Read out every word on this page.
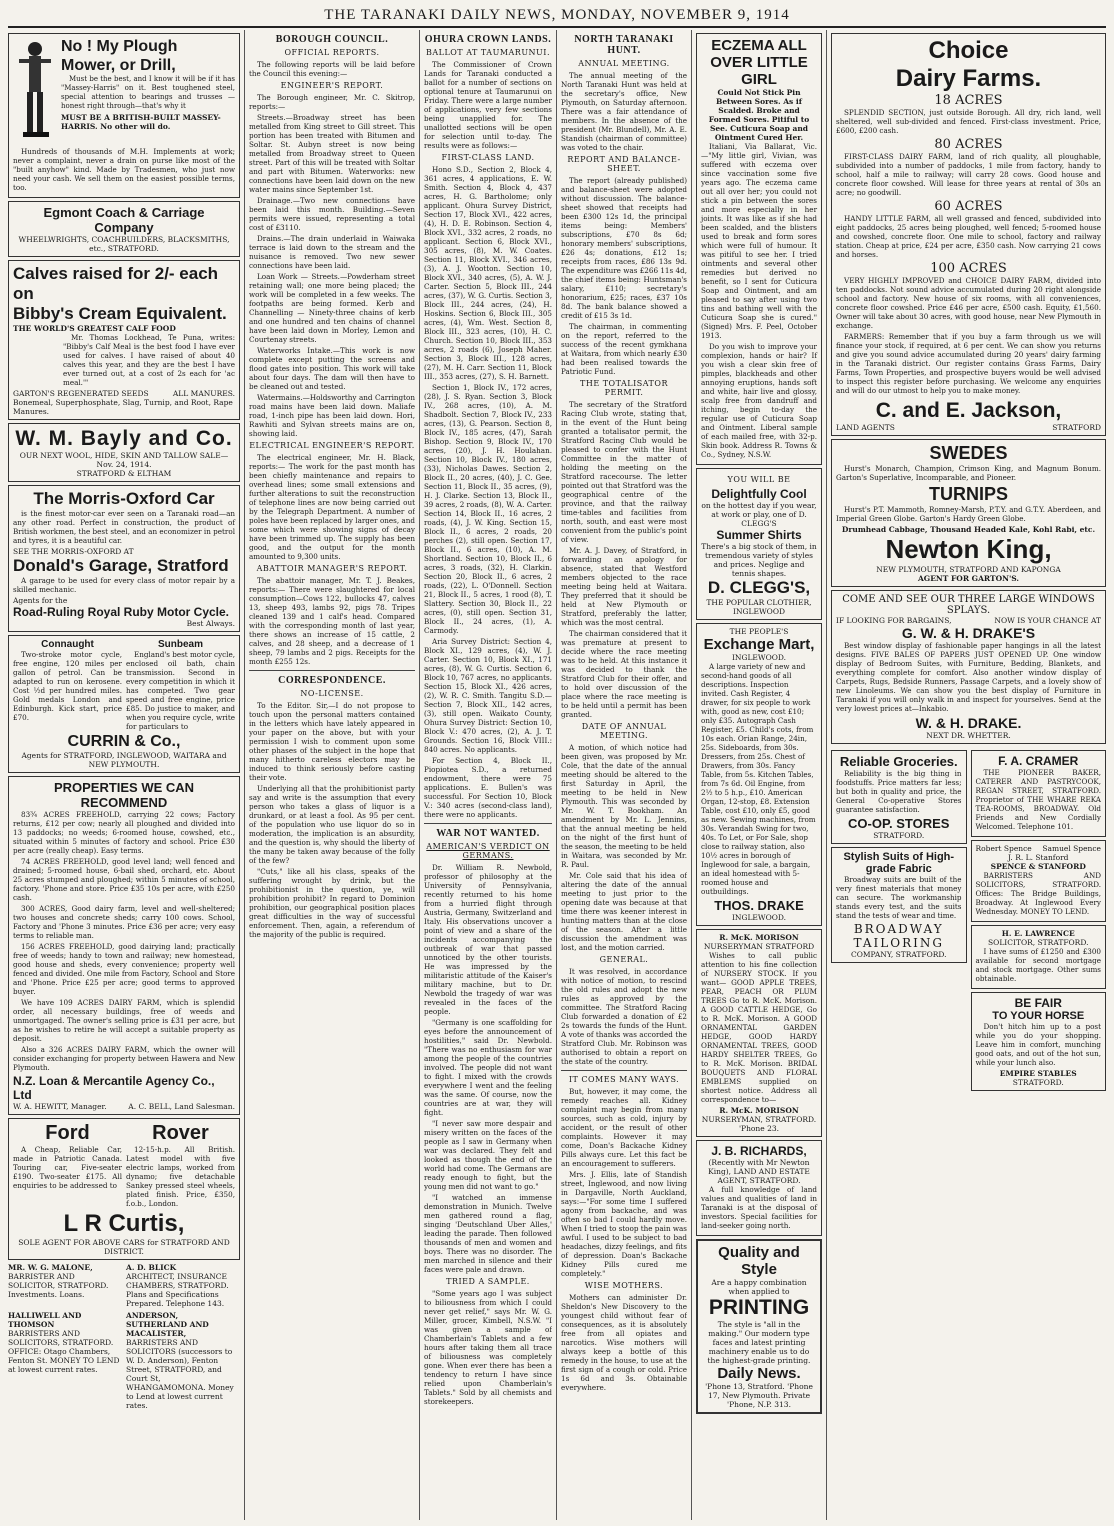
THE TARANAKI DAILY NEWS, MONDAY, NOVEMBER 9, 1914
No ! My Plough Mower, or Drill,

Must be the best, and I know it will be if it has "Massey-Harris" on it. Best toughened steel, special attention to bearings and trusses — honest right through—that's why it

MUST BE A BRITISH-BUILT MASSEY-HARRIS. No other will do.

Hundreds of thousands of M.H. Implements at work; never a complaint, never a drain on purse like most of the "built anyhow" kind. Made by Tradesmen, who just now need your cash. We sell them on the easiest possible terms, too.

Egmont Coach & Carriage Company
WHEELWRIGHTS, COACHBUILDERS, BLACKSMITHS, etc., STRATFORD.
Calves raised for 2/- each on
Bibby's Cream Equivalent.
THE WORLD'S GREATEST CALF FOOD

Mr. Thomas Lockhead, Te Puna, writes: "Bibby's Calf Meal is the best food I have ever used for calves. I have raised of about 40 calves this year, and they are the best I have ever turned out, at a cost of 2s each for 'ac meal.'"

GARTON'S REGENERATED SEEDS	ALL MANURES.
Bonemeal, Superphosphate, Slag, Turnip, and Root, Rape Manures.
W. M. Bayly and Co.
OUR NEXT WOOL, HIDE, SKIN AND TALLOW SALE—Nov. 24, 1914.
STRATFORD & ELTHAM
The Morris-Oxford Car

is the finest motor-car ever seen on a Taranaki road—an any other road. Perfect in construction, the product of British workmen, the best steel, and an economizer in petrol and tyres, it is a beautiful car.

SEE THE MORRIS-OXFORD AT
Donald's Garage, Stratford

A garage to be used for every class of motor repair by a skilled mechanic.

Agents for the
Road-Ruling Royal Ruby Motor Cycle.
Best Always.
Connaught

Two-stroke motor cycle, free engine, 120 miles per gallon of petrol. Can be adapted to run on kerosene. Cost ½d per hundred miles. Gold medals London and Edinburgh. Kick start, price £70.

Sunbeam

England's best motor cycle, enclosed oil bath, chain transmission. Second in every competition in which it has competed. Two gear speed and free engine, price £85. Do justice to maker, and when you require cycle, write for particulars to

CURRIN & Co.,
Agents for STRATFORD, INGLEWOOD, WAITARA and NEW PLYMOUTH.
PROPERTIES WE CAN RECOMMEND

83¾ ACRES FREEHOLD, carrying 22 cows; Factory returns, £12 per cow; nearly all ploughed and divided into 13 paddocks; no weeds; 6-roomed house, cowshed, etc., situated within 5 minutes of factory and school. Price £30 per acre (really cheap). Easy terms.

74 ACRES FREEHOLD, good level land; well fenced and drained; 5-roomed house, 6-bail shed, orchard, etc. About 25 acres stumped and ploughed; within 5 minutes of school, factory. 'Phone and store. Price £35 10s per acre, with £250 cash.

300 ACRES, Good dairy farm, level and well-sheltered; two houses and concrete sheds; carry 100 cows. School, Factory and 'Phone 3 minutes. Price £36 per acre; very easy terms to reliable man.

156 ACRES FREEHOLD, good dairying land; practically free of weeds; handy to town and railway; new homestead, good house and sheds, every convenience; property well fenced and divided. One mile from Factory, School and Store and 'Phone. Price £25 per acre; good terms to approved buyer.

We have 109 ACRES DAIRY FARM, which is splendid order, all necessary buildings, free of weeds and unmortgaged. The owner's selling price is £31 per acre, but as he wishes to retire he will accept a suitable property as deposit.

Also a 326 ACRES DAIRY FARM, which the owner will consider exchanging for property between Hawera and New Plymouth.

N.Z. Loan & Mercantile Agency Co., Ltd
W. A. HEWITT, Manager.	A. C. BELL, Land Salesman.
Ford

A Cheap, Reliable Car, made in Patriotic Canada. Touring car, Five-seater £190. Two-seater £175. All enquiries to be addressed to

Rover

12-15-h.p. All British. Latest model with five electric lamps, worked from dynamo; five detachable Sankey pressed steel wheels, plated finish. Price, £350, f.o.b., London.

L R Curtis,
SOLE AGENT FOR ABOVE CARS for STRATFORD AND DISTRICT.
MR. W. G. MALONE,
BARRISTER AND SOLICITOR, STRATFORD.
Investments. Loans.
A. D. BLICK
ARCHITECT, INSURANCE CHAMBERS, STRATFORD. Plans and Specifications Prepared. Telephone 143.
HALLIWELL AND THOMSON
BARRISTERS AND SOLICITORS, STRATFORD. OFFICE: Otago Chambers, Fenton St. MONEY TO LEND at lowest current rates.
ANDERSON, SUTHERLAND AND MACALISTER,
BARRISTERS AND SOLICITORS (successors to W. D. Anderson), Fenton Street, STRATFORD, and Court St, WHANGAMOMONA. Money to Lend at lowest current rates.
BOROUGH COUNCIL.
OFFICIAL REPORTS.

The following reports will be laid before the Council this evening:—

ENGINEER'S REPORT.

The Borough engineer, Mr. C. Skitrop, reports:—

Streets.—Broadway street has been metalled from King street to Gill street. This portion has been treated with Bitumen and Soltar. St. Aubyn street is now being metalled from Broadway street to Queen street. Part of this will be treated with Soltar and part with Bitumen. Waterworks: new connections have been laid down on the new water mains since September 1st.

Drainage.—Two new connections have been laid this month. Building.—Seven permits were issued, representing a total cost of £3110.

Drains.—The drain underlaid in Waiwaka terrace is laid down to the stream and the nuisance is removed. Two new sewer connections have been laid.

Loan Work — Streets.—Powderham street retaining wall; one more being placed; the work will be completed in a few weeks. The footpaths are being formed. Kerb and Channelling — Ninety-three chains of kerb and one hundred and ten chains of channel have been laid down in Morley, Lemon and Courtenay streets.

Waterworks Intake.—This work is now complete except putting the screens and flood gates into position. This work will take about four days. The dam will then have to be cleaned out and tested.

Watermains.—Holdsworthy and Carrington road mains have been laid down. Maliafe road, 1-inch pipe has been laid down. Hori, Rawhiti and Sylvan streets mains are on, showing laid.

ELECTRICAL ENGINEER'S REPORT.

The electrical engineer, Mr. H. Black, reports:— The work for the past month has been chiefly maintenance and repairs to overhead lines; some small extensions and further alterations to suit the reconstruction of telephone lines are now being carried out by the Telegraph Department. A number of poles have been replaced by larger ones, and some which were showing signs of decay have been trimmed up. The supply has been good, and the output for the month amounted to 9,300 units.

ABATTOIR MANAGER'S REPORT.

The abattoir manager, Mr. T. J. Beakes, reports:— There were slaughtered for local consumption—Cows 122, bullocks 47, calves 13, sheep 493, lambs 92, pigs 78. Tripes cleaned 139 and 1 calf's head. Compared with the corresponding month of last year, there shows an increase of 15 cattle, 2 calves, and 28 sheep, and a decrease of 1 sheep, 79 lambs and 2 pigs. Receipts for the month £255 12s.

CORRESPONDENCE.
NO-LICENSE.

To the Editor. Sir,—I do not propose to touch upon the personal matters contained in the letters which have lately appeared in your paper on the above, but with your permission I wish to comment upon some other phases of the subject in the hope that many hitherto careless electors may be induced to think seriously before casting their vote.

Underlying all that the prohibitionist party say and write is the assumption that every person who takes a glass of liquor is a drunkard, or at least a fool. As 95 per cent. of the population who use liquor do so in moderation, the implication is an absurdity, and the question is, why should the liberty of the many be taken away because of the folly of the few?

"Cuts," like all his class, speaks of the suffering wrought by drink, but the prohibitionist in the question, ye, will prohibition prohibit? In regard to Dominion prohibition, our geographical position places great difficulties in the way of successful enforcement. Then, again, a referendum of the majority of the public is required.

OHURA CROWN LANDS.
BALLOT AT TAUMARUNUI.

The Commissioner of Crown Lands for Taranaki conducted a ballot for a number of sections on optional tenure at Taumarunui on Friday. There were a large number of applications, very few sections being unapplied for. The unallotted sections will be open for selection until to-day. The results were as follows:—

FIRST-CLASS LAND.

Hono S.D., Section 2, Block 4, 361 acres, 4 applications, E. W. Smith. Section 4, Block 4, 437 acres, H. G. Bartholome; only applicant. Ohura Survey District, Section 17, Block XVI., 422 acres, (4), H. D. E. Robinson. Section 4, Block XVI., 332 acres, 2 roads, no applicant. Section 6, Block XVI., 305 acres, (8), M. W. Coates. Section 11, Block XVI., 346 acres, (3), A. J. Wootton. Section 10, Block XVI., 340 acres, (5), A. W. J. Carter. Section 5, Block III., 244 acres, (37), W. G. Curtis. Section 3, Block III., 244 acres, (24), H. Hoskins. Section 6, Block III., 305 acres, (4), Wm. West. Section 8, Block III., 323 acres, (10), H. C. Church. Section 10, Block III., 353 acres, 2 roads (6), Joseph Maher. Section 3, Block III., 128 acres, (27), M. H. Carr. Section 11, Block III., 353 acres, (27), S. H. Barnett.

Section 1, Block IV., 172 acres, (28), J. S. Ryan. Section 3, Block IV., 268 acres, (10), A. M. Shadbolt. Section 7, Block IV., 233 acres, (13), G. Pearson. Section 8, Block IV., 185 acres, (47), Sarah Bishop. Section 9, Block IV., 170 acres, (20), J. H. Houlahan. Section 10, Block IV., 180 acres, (33), Nicholas Dawes. Section 2, Block II., 20 acres, (40), J. C. Gee. Section 11, Block II., 35 acres, (9), H. J. Clarke. Section 13, Block II., 39 acres, 2 roads, (8), W. A. Carter. Section 14, Block II., 16 acres, 2 roads, (4), J. W. King. Section 15, Block II., 6 acres, 2 roads, 20 perches (2), still open. Section 17, Block II., 6 acres, (10), A. M. Shortland. Section 10, Block II., 6 acres, 3 roads, (32), H. Clarkin. Section 20, Block II., 6 acres, 2 roads, (22), L. O'Donnell. Section 21, Block II., 5 acres, 1 rood (8), T. Slattery. Section 30, Block II., 22 acres, (0), still open. Section 31, Block II., 24 acres, (1), A. Carmody.

Aria Survey District: Section 4, Block XI., 129 acres, (4), W. J. Carter. Section 10, Block XI., 171 acres, (8), W. G. Curtis. Section 6, Block 10, 767 acres, no applicants. Section 15, Block XI., 426 acres, (2), W. R. C. Smith. Tangitu S.D.—Section 7, Block XII., 142 acres, (3), still open. Waikato County, Ohura Survey District: Section 10, Block V.: 470 acres, (2), A. J. T. Grounds. Section 16, Block VIII.: 840 acres. No applicants.

For Section 4, Block II., Piopiotea S.D., a returned endowment, there were 75 applications. E. Bullen's was successful. For Section 10, Block V.: 340 acres (second-class land), there were no applicants.

WAR NOT WANTED.
AMERICAN'S VERDICT ON GERMANS.

Dr. William R. Newbold, professor of philosophy at the University of Pennsylvania, recently returned to his home from a hurried flight through Austria, Germany, Switzerland and Italy. His observations uncover a point of view and a share of the incidents accompanying the outbreak of war that passed unnoticed by the other tourists. He was impressed by the militaristic attitude of the Kaiser's military machine, but to Dr. Newbold the tragedy of war was revealed in the faces of the people.

"Germany is one scaffolding for eyes before the announcement of hostilities," said Dr. Newbold. "There was no enthusiasm for war among the people of the countries involved. The people did not want to fight. I mixed with the crowds everywhere I went and the feeling was the same. Of course, now the countries are at war, they will fight.

"I never saw more despair and misery written on the faces of the people as I saw in Germany when war was declared. They felt and looked as though the end of the world had come. The Germans are ready enough to fight, but the young men did not want to go."

"I watched an immense demonstration in Munich. Twelve men gathered round a flag, singing 'Deutschland Uber Alles,' leading the parade. Then followed thousands of men and women and boys. There was no disorder. The men marched in silence and their faces were pale and drawn.

TRIED A SAMPLE.

"Some years ago I was subject to biliousness from which I could never get relief," says Mr. W. G. Miller, grocer, Kimbell, N.S.W. "I was given a sample of Chamberlain's Tablets and a few hours after taking them all trace of biliousness was completely gone. When ever there has been a tendency to return I have since relied upon Chamberlain's Tablets." Sold by all chemists and storekeepers.

NORTH TARANAKI HUNT.
ANNUAL MEETING.

The annual meeting of the North Taranaki Hunt was held at the secretary's office, New Plymouth, on Saturday afternoon. There was a fair attendance of members. In the absence of the president (Mr. Blundell), Mr. A. E. Standish (chairman of committee) was voted to the chair.

REPORT AND BALANCE-SHEET.

The report (already published) and balance-sheet were adopted without discussion. The balance-sheet showed that receipts had been £300 12s 1d, the principal items being: Members' subscriptions, £70 8s 6d; honorary members' subscriptions, £26 4s; donations, £12 1s; receipts from races, £86 13s 9d. The expenditure was £266 11s 4d, the chief items being: Huntsman's salary, £110; secretary's honorarium, £25; races, £37 10s 8d. The bank balance showed a credit of £15 3s 1d.

The chairman, in commenting on the report, referred to the success of the recent gymkhana at Waitara, from which nearly £30 had been realised towards the Patriotic Fund.

THE TOTALISATOR PERMIT.

The secretary of the Stratford Racing Club wrote, stating that, in the event of the Hunt being granted a totalisator permit, the Stratford Racing Club would be pleased to confer with the Hunt Committee in the matter of holding the meeting on the Stratford racecourse. The letter pointed out that Stratford was the geographical centre of the province, and that the railway time-tables and facilities from north, south, and east were most convenient from the public's point of view.

Mr. A. J. Davey, of Stratford, in forwarding an apology for absence, stated that Westford members objected to the race meeting being held at Waitara. They preferred that it should be held at New Plymouth or Stratford, preferably the latter, which was the most central.

The chairman considered that it was premature at present to decide where the race meeting was to be held. At this instance it was decided to thank the Stratford Club for their offer, and to hold over discussion of the place where the race meeting is to be held until a permit has been granted.

DATE OF ANNUAL MEETING.

A motion, of which notice had been given, was proposed by Mr. Cole, that the date of the annual meeting should be altered to the first Saturday in April, the meeting to be held in New Plymouth. This was seconded by Mr. W. T. Bookham. An amendment by Mr. L. Jennins, that the annual meeting be held on the night of the first hunt of the season, the meeting to be held in Waitara, was seconded by Mr. R. Paul.

Mr. Cole said that his idea of altering the date of the annual meeting to just prior to the opening date was because at that time there was keener interest in hunting matters than at the close of the season. After a little discussion the amendment was lost, and the motion carried.

GENERAL.

It was resolved, in accordance with notice of motion, to rescind the old rules and adopt the new rules as approved by the committee. The Stratford Racing Club forwarded a donation of £2 2s towards the funds of the Hunt. A vote of thanks was accorded the Stratford Club. Mr. Robinson was authorised to obtain a report on the state of the country.

IT COMES MANY WAYS.

But, however, it may come, the remedy reaches all. Kidney complaint may begin from many sources, such as cold, injury by accident, or the result of other complaints. However it may come, Doan's Backache Kidney Pills always cure. Let this fact be an encouragement to sufferers.

Mrs. J. Ellis, late of Standish street, Inglewood, and now living in Dargaville, North Auckland, says:—"For some time I suffered agony from backache, and was often so bad I could hardly move. When I tried to stoop the pain was awful. I used to be subject to bad headaches, dizzy feelings, and fits of depression. Doan's Backache Kidney Pills cured me completely."

WISE MOTHERS.

Mothers can administer Dr. Sheldon's New Discovery to the youngest child without fear of consequences, as it is absolutely free from all opiates and narcotics. Wise mothers will always keep a bottle of this remedy in the house, to use at the first sign of a cough or cold. Price 1s 6d and 3s. Obtainable everywhere.

ECZEMA ALL
OVER LITTLE GIRL
Could Not Stick Pin Between Sores. As if Scalded. Broke and Formed Sores. Pitiful to See. Cuticura Soap and Ointment Cured Her.

Italiani, Via Ballarat, Vic.—"My little girl, Vivian, was suffered with eczema over since vaccination some five years ago. The eczema came out all over her; you could not stick a pin between the sores and more especially in her joints. It was like as if she had been scalded, and the blisters used to break and form sores which were full of humour. It was pitiful to see her. I tried ointments and several other remedies but derived no benefit, so I sent for Cuticura Soap and Ointment, and am pleased to say after using two tins and bathing well with the Cuticura Soap she is cured." (Signed) Mrs. F. Peel, October 1913.

Do you wish to improve your complexion, hands or hair? If you wish a clear skin free of pimples, blackheads and other annoying eruptions, hands soft and white, hair live and glossy, scalp free from dandruff and itching, begin to-day the regular use of Cuticura Soap and Ointment. Liberal sample of each mailed free, with 32-p. Skin book. Address R. Towns & Co., Sydney, N.S.W.

YOU WILL BE
Delightfully Cool
on the hottest day if you wear, at work or play, one of D. CLEGG'S
Summer Shirts
There's a big stock of them, in tremendous variety of styles and prices. Neglige and tennis shapes.
D. CLEGG'S,
THE POPULAR CLOTHIER,
INGLEWOOD
THE PEOPLE'S
Exchange Mart,
INGLEWOOD.

A large variety of new and second-hand goods of all descriptions. Inspection invited. Cash Register, 4 drawer, for six people to work with, good as new, cost £10; only £35. Autograph Cash Register, £5. Child's cots, from 10s each. Orian Range, 24in, 25s. Sideboards, from 30s. Dressers, from 25s. Chest of Drawers, from 30s. Fancy Table, from 5s. Kitchen Tables, from 7s 6d. Oil Engine, from 2½ to 5 h.p., £10. American Organ, 12-stop, £8. Extension Table, cost £10, only £5, good as new. Sewing machines, from 30s. Verandah Swing for two, 40s. To Let, or For Sale, shop close to railway station, also 10½ acres in borough of Inglewood for sale, a bargain, an ideal homestead with 5-roomed house and outbuildings.

THOS. DRAKE
INGLEWOOD.
R. McK. MORISON
NURSERYMAN STRATFORD

Wishes to call public attention to his fine collection of NURSERY STOCK. If you want— GOOD APPLE TREES, PEAR, PEACH OR PLUM TREES Go to R. McK. Morison. A GOOD CATTLE HEDGE, Go to R. McK. Morison. A GOOD ORNAMENTAL GARDEN HEDGE, GOOD HARDY ORNAMENTAL TREES, GOOD HARDY SHELTER TREES, Go to R. McK. Morison. BRIDAL BOUQUETS AND FLORAL EMBLEMS supplied on shortest notice. Address all correspondence to—

R. McK. MORISON
NURSERYMAN, STRATFORD. 'Phone 23.
J. B. RICHARDS,
(Recently with Mr Newton King), LAND AND ESTATE AGENT, STRATFORD.

A full knowledge of land values and qualities of land in Taranaki is at the disposal of investors. Special facilities for land-seeker going north.

Quality and Style
Are a happy combination when applied to
PRINTING
The style is "all in the making." Our modern type faces and latest printing machinery enable us to do the highest-grade printing.
Daily News.
'Phone 13, Stratford. 'Phone 17, New Plymouth. Private 'Phone, N.P. 313.
Choice
Dairy Farms.
18 ACRES

SPLENDID SECTION, just outside Borough. All dry, rich land, well sheltered, well sub-divided and fenced. First-class investment. Price, £600, £200 cash.

80 ACRES

FIRST-CLASS DAIRY FARM, land of rich quality, all ploughable, subdivided into a number of paddocks, 1 mile from factory, handy to school, half a mile to railway; will carry 28 cows. Good house and concrete floor cowshed. Will lease for three years at rental of 30s an acre; no goodwill.

60 ACRES

HANDY LITTLE FARM, all well grassed and fenced, subdivided into eight paddocks, 25 acres being ploughed, well fenced; 5-roomed house and cowshed, concrete floor. One mile to school, factory and railway station. Cheap at price, £24 per acre, £350 cash. Now carrying 21 cows and horses.

100 ACRES

VERY HIGHLY IMPROVED and CHOICE DAIRY FARM, divided into ten paddocks. Not sound advice accumulated during 20 right alongside school and factory. New house of six rooms, with all conveniences, concrete floor cowshed. Price £46 per acre, £500 cash. Equity, £1,560. Owner will take about 30 acres, with good house, near New Plymouth in exchange.

FARMERS: Remember that if you buy a farm through us we will finance your stock, if required, at 6 per cent. We can show you returns and give you sound advice accumulated during 20 years' dairy farming in the Taranaki district. Our register contains Grass Farms, Dairy Farms, Town Properties, and prospective buyers would be well advised to inspect this register before purchasing. We welcome any enquiries and will do our utmost to help you to make money.

C. and E. Jackson,
LAND AGENTS	STRATFORD
SWEDES

Hurst's Monarch, Champion, Crimson King, and Magnum Bonum. Garton's Superlative, Incomparable, and Pioneer.

TURNIPS

Hurst's P.T. Mammoth, Romney-Marsh, P.T.Y. and G.T.Y. Aberdeen, and Imperial Green Globe. Garton's Hardy Green Globe.

Drumhead Cabbage, Thousand Headed Kale, Kohl Rabi, etc.
Newton King,
NEW PLYMOUTH, STRATFORD AND KAPONGA
AGENT FOR GARTON'S.
COME AND SEE OUR THREE LARGE WINDOWS SPLAYS.
IF LOOKING FOR BARGAINS,	NOW IS YOUR CHANCE AT
G. W. & H. DRAKE'S

Best window display of fashionable paper hangings in all the latest designs. FIVE BALES OF PAPERS JUST OPENED UP. One window display of Bedroom Suites, with Furniture, Bedding, Blankets, and everything complete for comfort. Also another window display of Carpets, Rugs, Bedside Runners, Passage Carpets, and a lovely show of new Linoleums. We can show you the best display of Furniture in Taranaki if you will only walk in and inspect for yourselves. Send at the very lowest prices at—Inkabio.

W. & H. DRAKE.
NEXT DR. WHETTER.
Reliable Groceries.

Reliability is the big thing in foodstuffs. Price matters far less; but both in quality and price, the General Co-operative Stores guarantee satisfaction.

CO-OP. STORES
STRATFORD.
Stylish Suits of High-grade Fabric

Broadway suits are built of the very finest materials that money can secure. The workmanship stands every test, and the suits stand the tests of wear and time.

BROADWAY
TAILORING
COMPANY, STRATFORD.
F. A. CRAMER

THE PIONEER BAKER, CATERER AND PASTRYCOOK, REGAN STREET, STRATFORD. Proprietor of THE WHARE REKA TEA-ROOMS, BROADWAY. Old Friends and New Cordially Welcomed. Telephone 101.

Robert Spence Samuel Spence
J. R. L. Stanford
SPENCE & STANFORD

BARRISTERS AND SOLICITORS, STRATFORD. Offices: The Bridge Buildings, Broadway. At Inglewood Every Wednesday. MONEY TO LEND.

H. E. LAWRENCE
SOLICITOR, STRATFORD.

I have sums of £1250 and £300 available for second mortgage and stock mortgage. Other sums obtainable.

BE FAIR
TO YOUR HORSE

Don't hitch him up to a post while you do your shopping. Leave him in comfort, munching good oats, and out of the hot sun, while your lunch also.

EMPIRE STABLES
STRATFORD.
